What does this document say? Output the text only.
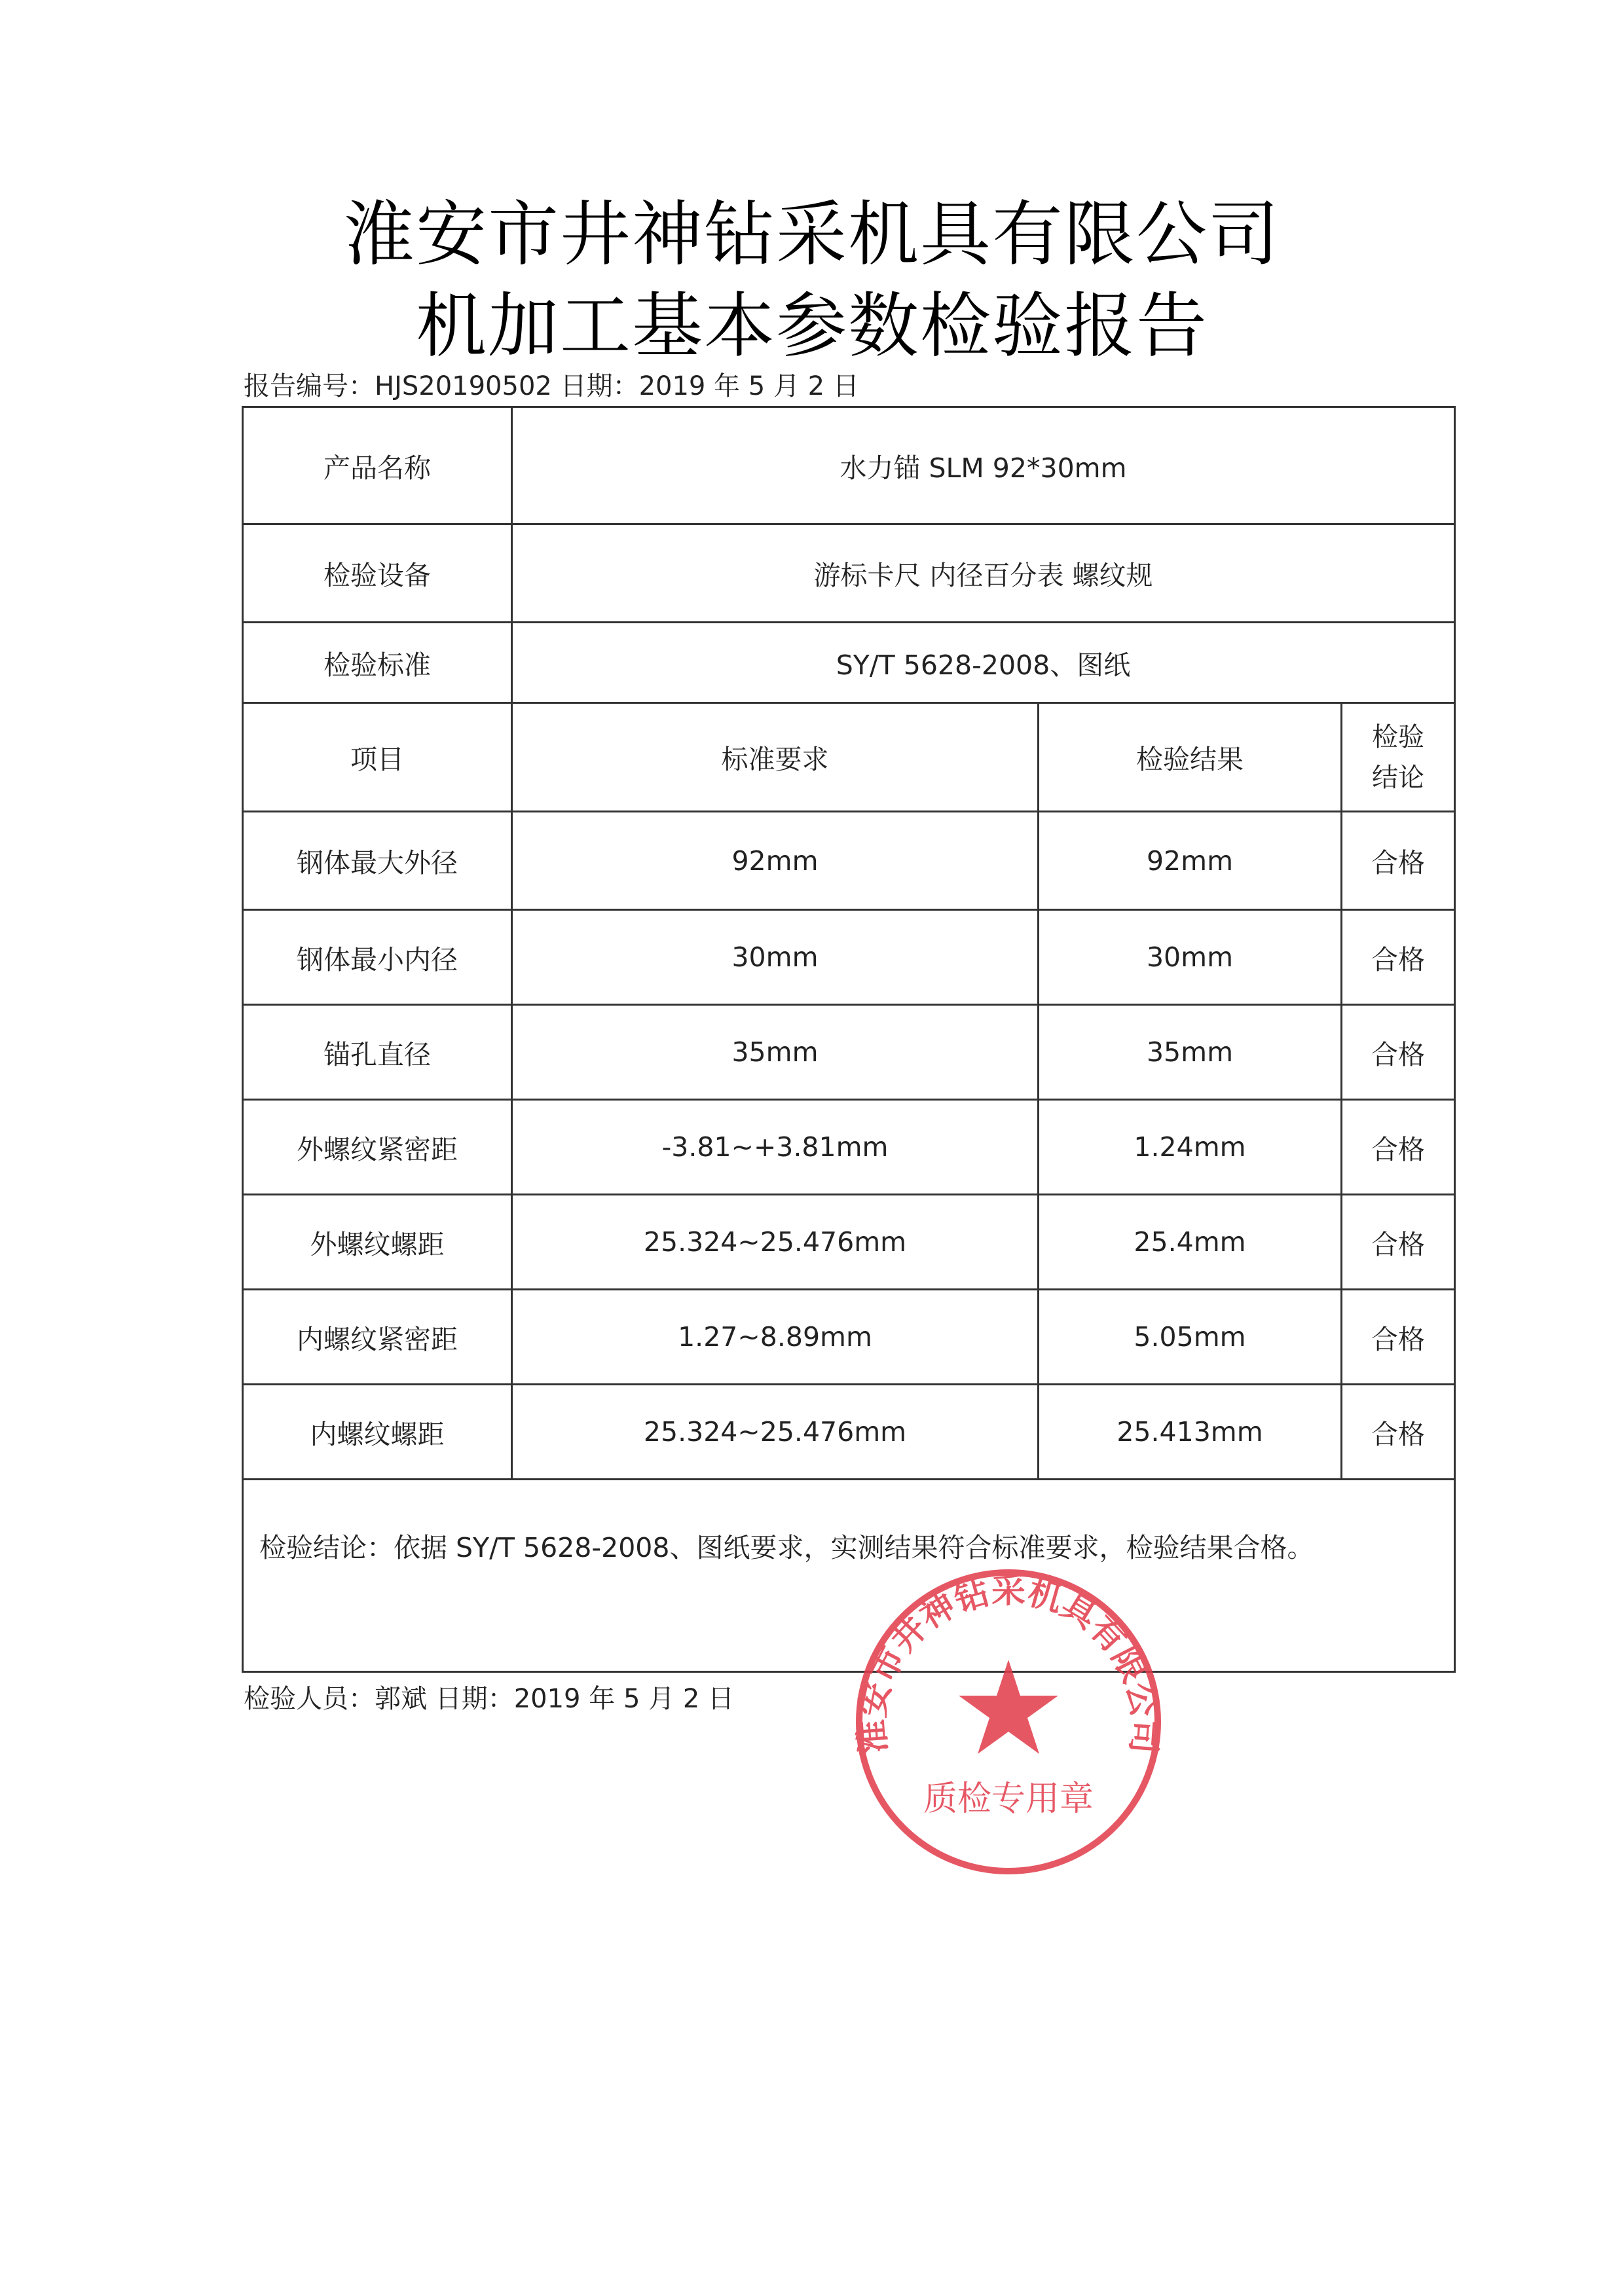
淮安市井神钻采机具有限公司
机加工基本参数检验报告
报告编号：HJS20190502 日期：2019 年 5 月 2 日
产品名称	水力锚 SLM 92*30mm		
检验设备	游标卡尺 内径百分表 螺纹规		
检验标准	SY/T 5628-2008、图纸		
项目	标准要求	检验结果	检验
结论
钢体最大外径	92mm	92mm	合格
钢体最小内径	30mm	30mm	合格
锚孔直径	35mm	35mm	合格
外螺纹紧密距	-3.81~+3.81mm	1.24mm	合格
外螺纹螺距	25.324~25.476mm	25.4mm	合格
内螺纹紧密距	1.27~8.89mm	5.05mm	合格
内螺纹螺距	25.324~25.476mm	25.413mm	合格
检验结论：依据 SY/T 5628-2008、图纸要求，实测结果符合标准要求，检验结果合格。			
检验人员：郭斌 日期：2019 年 5 月 2 日
淮安市井神钻采机具有限公司
质检专用章
